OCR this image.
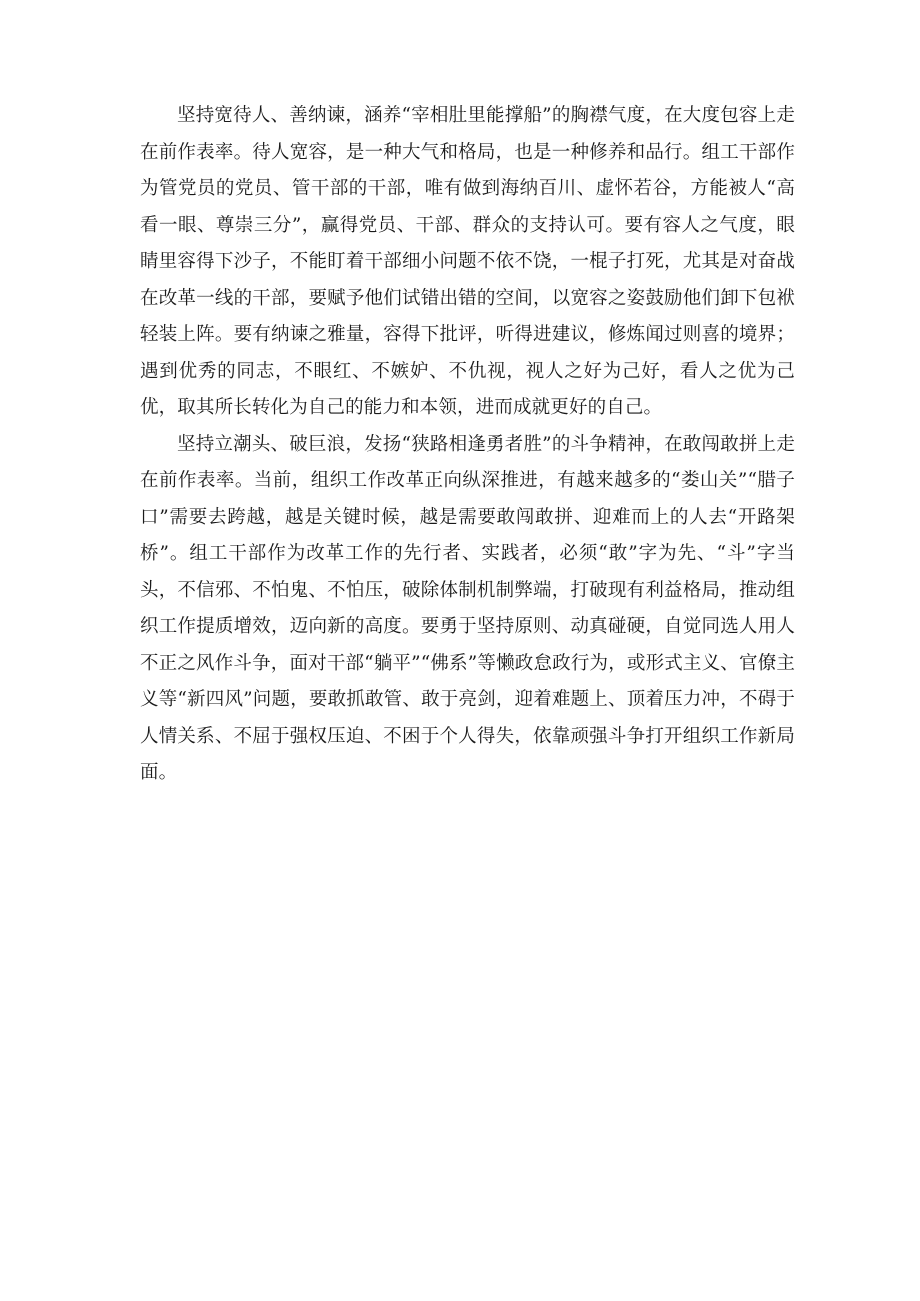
坚持宽待人、善纳谏，涵养“宰相肚里能撑船”的胸襟气度，在大度包容上走在前作表率。待人宽容，是一种大气和格局，也是一种修养和品行。组工干部作为管党员的党员、管干部的干部，唯有做到海纳百川、虚怀若谷，方能被人“高看一眼、尊崇三分”，赢得党员、干部、群众的支持认可。要有容人之气度，眼睛里容得下沙子，不能盯着干部细小问题不依不饶，一棍子打死，尤其是对奋战在改革一线的干部，要赋予他们试错出错的空间，以宽容之姿鼓励他们卸下包袱轻装上阵。要有纳谏之雅量，容得下批评，听得进建议，修炼闻过则喜的境界；遇到优秀的同志，不眼红、不嫉妒、不仇视，视人之好为己好，看人之优为己优，取其所长转化为自己的能力和本领，进而成就更好的自己。

坚持立潮头、破巨浪，发扬“狭路相逢勇者胜”的斗争精神，在敢闯敢拼上走在前作表率。当前，组织工作改革正向纵深推进，有越来越多的“娄山关”“腊子口”需要去跨越，越是关键时候，越是需要敢闯敢拼、迎难而上的人去“开路架桥”。组工干部作为改革工作的先行者、实践者，必须“敢”字为先、“斗”字当头，不信邪、不怕鬼、不怕压，破除体制机制弊端，打破现有利益格局，推动组织工作提质增效，迈向新的高度。要勇于坚持原则、动真碰硬，自觉同选人用人不正之风作斗争，面对干部“躺平”“佛系”等懒政怠政行为，或形式主义、官僚主义等“新四风”问题，要敢抓敢管、敢于亮剑，迎着难题上、顶着压力冲，不碍于人情关系、不屈于强权压迫、不困于个人得失，依靠顽强斗争打开组织工作新局面。
